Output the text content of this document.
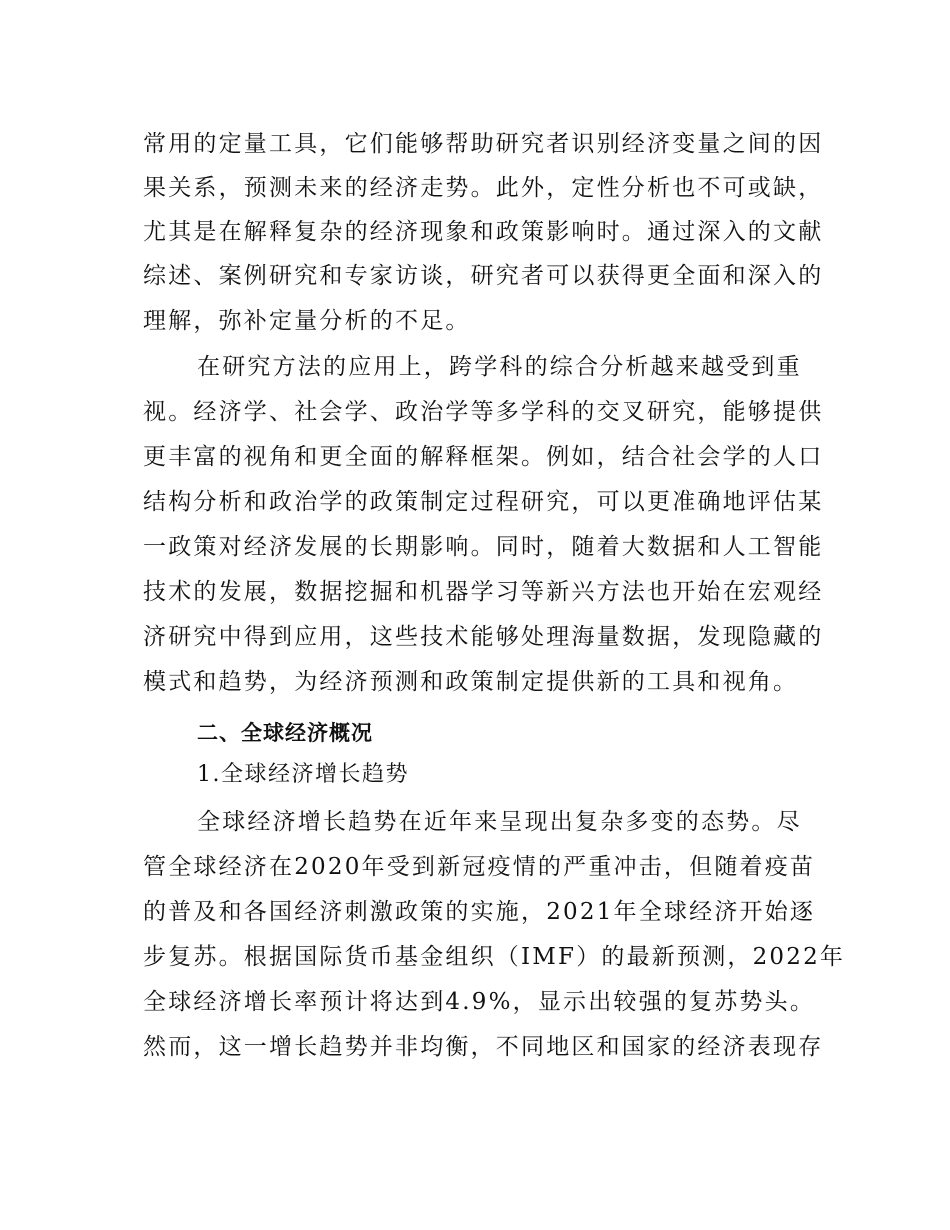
常用的定量工具，它们能够帮助研究者识别经济变量之间的因
果关系，预测未来的经济走势。此外，定性分析也不可或缺，
尤其是在解释复杂的经济现象和政策影响时。通过深入的文献
综述、案例研究和专家访谈，研究者可以获得更全面和深入的
理解，弥补定量分析的不足。
在研究方法的应用上，跨学科的综合分析越来越受到重
视。经济学、社会学、政治学等多学科的交叉研究，能够提供
更丰富的视角和更全面的解释框架。例如，结合社会学的人口
结构分析和政治学的政策制定过程研究，可以更准确地评估某
一政策对经济发展的长期影响。同时，随着大数据和人工智能
技术的发展，数据挖掘和机器学习等新兴方法也开始在宏观经
济研究中得到应用，这些技术能够处理海量数据，发现隐藏的
模式和趋势，为经济预测和政策制定提供新的工具和视角。
二、全球经济概况
1.全球经济增长趋势
全球经济增长趋势在近年来呈现出复杂多变的态势。尽
管全球经济在2020年受到新冠疫情的严重冲击，但随着疫苗
的普及和各国经济刺激政策的实施，2021年全球经济开始逐
步复苏。根据国际货币基金组织（IMF）的最新预测，2022年
全球经济增长率预计将达到4.9%，显示出较强的复苏势头。
然而，这一增长趋势并非均衡，不同地区和国家的经济表现存
